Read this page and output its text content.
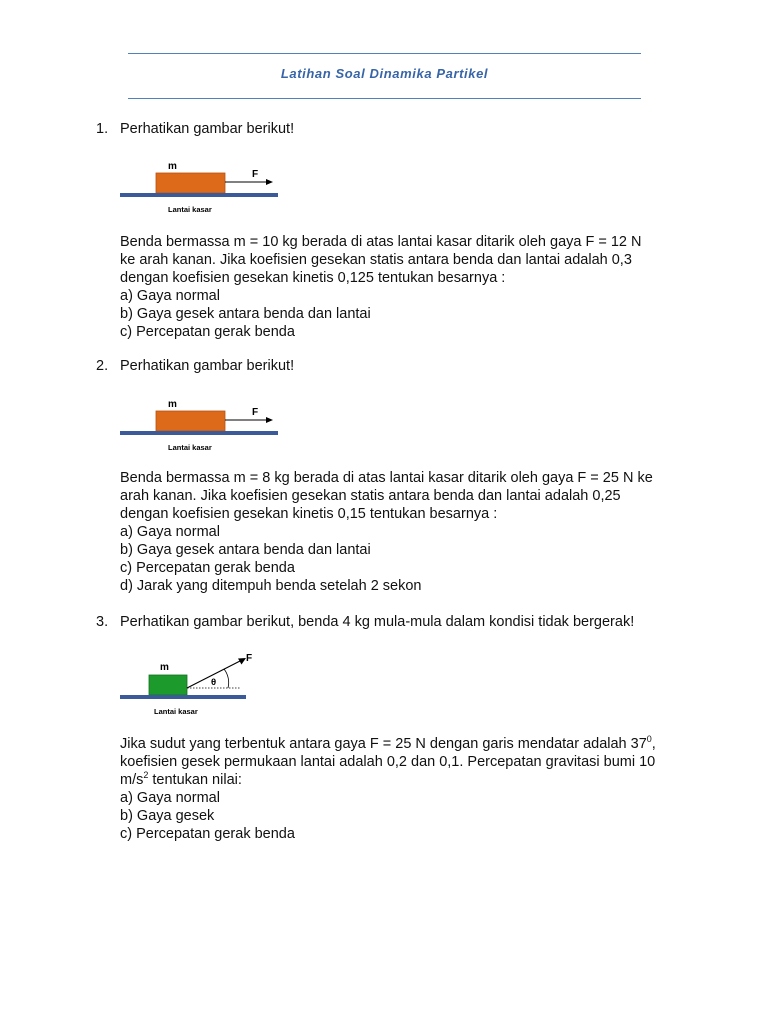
Latihan Soal Dinamika Partikel
1. Perhatikan gambar berikut!
m
F
Lantai kasar
Benda bermassa m = 10 kg berada di atas lantai kasar ditarik oleh gaya F = 12 N
ke arah kanan. Jika koefisien gesekan statis antara benda dan lantai adalah 0,3
dengan koefisien gesekan kinetis 0,125 tentukan besarnya :
a) Gaya normal
b) Gaya gesek antara benda dan lantai
c) Percepatan gerak benda
2. Perhatikan gambar berikut!
m
F
Lantai kasar
Benda bermassa m = 8 kg berada di atas lantai kasar ditarik oleh gaya F = 25 N ke
arah kanan. Jika koefisien gesekan statis antara benda dan lantai adalah 0,25
dengan koefisien gesekan kinetis 0,15 tentukan besarnya :
a) Gaya normal
b) Gaya gesek antara benda dan lantai
c) Percepatan gerak benda
d) Jarak yang ditempuh benda setelah 2 sekon
3. Perhatikan gambar berikut, benda 4 kg mula-mula dalam kondisi tidak bergerak!
θ
m
F
Lantai kasar
Jika sudut yang terbentuk antara gaya F = 25 N dengan garis mendatar adalah $37^0$,
koefisien gesek permukaan lantai adalah 0,2 dan 0,1. Percepatan gravitasi bumi 10
$m/s^2$ tentukan nilai:
a) Gaya normal
b) Gaya gesek
c) Percepatan gerak benda
